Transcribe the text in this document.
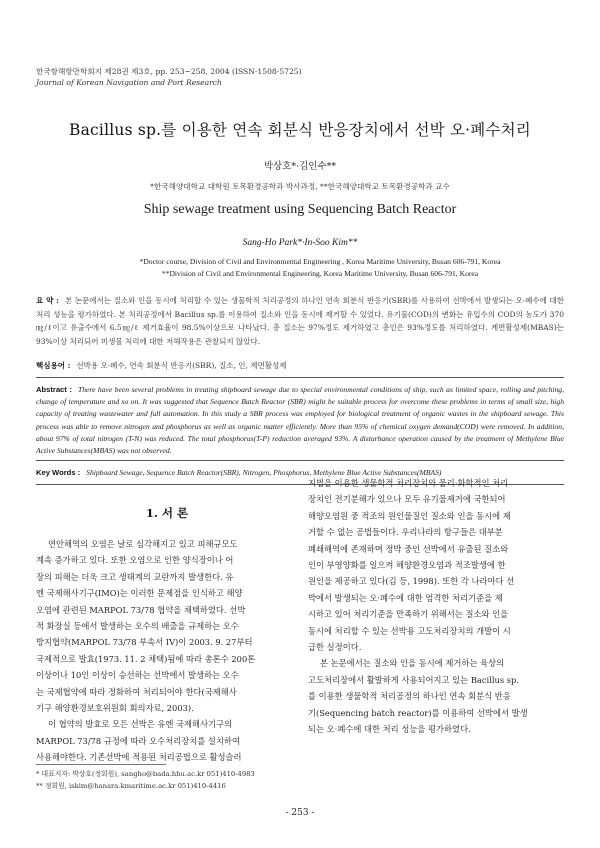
한국항해항만학회지 제28권 제3호, pp. 253~258, 2004 (ISSN-1508-5725)
Journal of Korean Navigation and Port Research
Bacillus sp.를 이용한 연속 회분식 반응장치에서 선박 오·폐수처리
박상호*·김인수**
*한국해양대학교 대학원 토목환경공학과 박사과정, **한국해양대학교 토목환경공학과 교수
Ship sewage treatment using Sequencing Batch Reactor
Sang-Ho Park*·In-Soo Kim**
*Doctor course, Division of Civil and Environmental Engineering , Korea Maritime University, Busan 606-791, Korea
**Division of Civil and Environmental Engineering, Korea Maritime University, Busan 606-791, Korea
요 약 : 본 논문에서는 질소와 인을 동시에 처리할 수 있는 생물학적 처리공정의 하나인 연속 회분식 반응기(SBR)를 사용하여 선박에서 발생되는 오·폐수에 대한 처리 성능을 평가하였다. 본 처리공정에서 Bacillus sp.를 이용하여 질소와 인을 동시에 제거할 수 있었다. 유기물(COD)의 변화는 유입수의 COD의 농도가 370㎎/ℓ이고 유출수에서 6.5㎎/ℓ 제거효율이 98.5%이상으로 나타났다. 총 질소는 97%정도 제거하였고 총인은 93%정도를 처리하였다. 계면활성제(MBAS)는 93%이상 처리되어 미생물 처리에 대한 저해작용은 관찰되지 않았다.
핵심용어 : 선박용 오·폐수, 연속 회분식 반응기(SBR), 질소, 인, 계면활성제
Abstract : There have been several problems in treating shipboard sewage due to special environmental conditions of ship, such as limited space, rolling and pitching, change of temperature and so on. It was suggested that Sequence Batch Reactor (SBR) might be suitable process for overcome these problems in terms of small size, high capacity of treating wastewater and full automation. In this study a SBR process was employed for biological treatment of organic wastes in the shipboard sewage. This process was able to remove nitrogen and phosphorus as well as organic matter efficiently. More than 95% of chemical oxygen demand(COD) were removed. In addition, about 97% of total nitrogen (T-N) was reduced. The total phosphorus(T-P) reduction averaged 93%. A disturbance operation caused by the treatment of Methylene Blue Active Substances(MBAS) was not observed.
Key Words : Shipboard Sewage, Sequence Batch Reactor(SBR), Nitrogen, Phosphorus, Methylene Blue Active Substances(MBAS)
1. 서 론
연안해역의 오염은 날로 심각해지고 있고 피해규모도
계속 증가하고 있다. 또한 오염으로 인한 양식장이나 어
장의 피해는 더욱 크고 생태계의 교란까지 발생한다. 유
엔 국제해사기구(IMO)는 이러한 문제점을 인식하고 해양
오염에 관련된 MARPOL 73/78 협약을 채택하였다. 선박
적 화장실 등에서 발생하는 오수의 배출을 규제하는 오수
방지협약(MARPOL 73/78 부속서 IV)이 2003. 9. 27부터
국제적으로 발효(1973. 11. 2 채택)됨에 따라 총톤수 200톤
이상이나 10인 이상이 승선하는 선박에서 발생하는 오수
는 국제협약에 따라 정화하여 처리되어야 한다(국제해사
기구 해양환경보호위원회 회의자료, 2003).
이 협약의 발효로 모든 선박은 유엔 국제해사기구의
MARPOL 73/78 규정에 따라 오수처리장치를 설치하여
사용해야한다. 기존선박에 적용된 처리공법으로 활성슬러
지법을 이용한 생물학적 처리장치와 물리·화학적인 처리
장치인 전기분해가 있으나 모두 유기물제거에 국한되어
해양오염원 중 적조의 원인물질인 질소와 인을 동시에 제
거할 수 없는 공법들이다. 우리나라의 항구들은 대부분
폐쇄해역에 존재하며 정박 중인 선박에서 유출된 질소와
인이 부영양화를 일으켜 해양환경오염과 적조발생에 한
원인을 제공하고 있다(김 등, 1998). 또한 각 나라마다 선
박에서 발생되는 오·폐수에 대한 엄격한 처리기준을 제
시하고 있어 처리기준을 만족하기 위해서는 질소와 인을
동시에 처리할 수 있는 선박용 고도처리장치의 개발이 시
급한 실정이다.
본 논문에서는 질소와 인을 동시에 제거하는 육상의
고도처리장에서 활발하게 사용되어지고 있는 Bacillus sp.
를 이용한 생물학적 처리공정의 하나인 연속 회분식 반응
기(Sequencing batch reactor)를 이용하여 선박에서 발생
되는 오·폐수에 대한 처리 성능을 평가하였다.
* 대표저자: 박상호(정회원), sangho@bada.hhu.ac.kr 051)410-4983
** 정회원, iskim@hanara.kmaritime.ac.kr 051)410-4416
- 253 -
